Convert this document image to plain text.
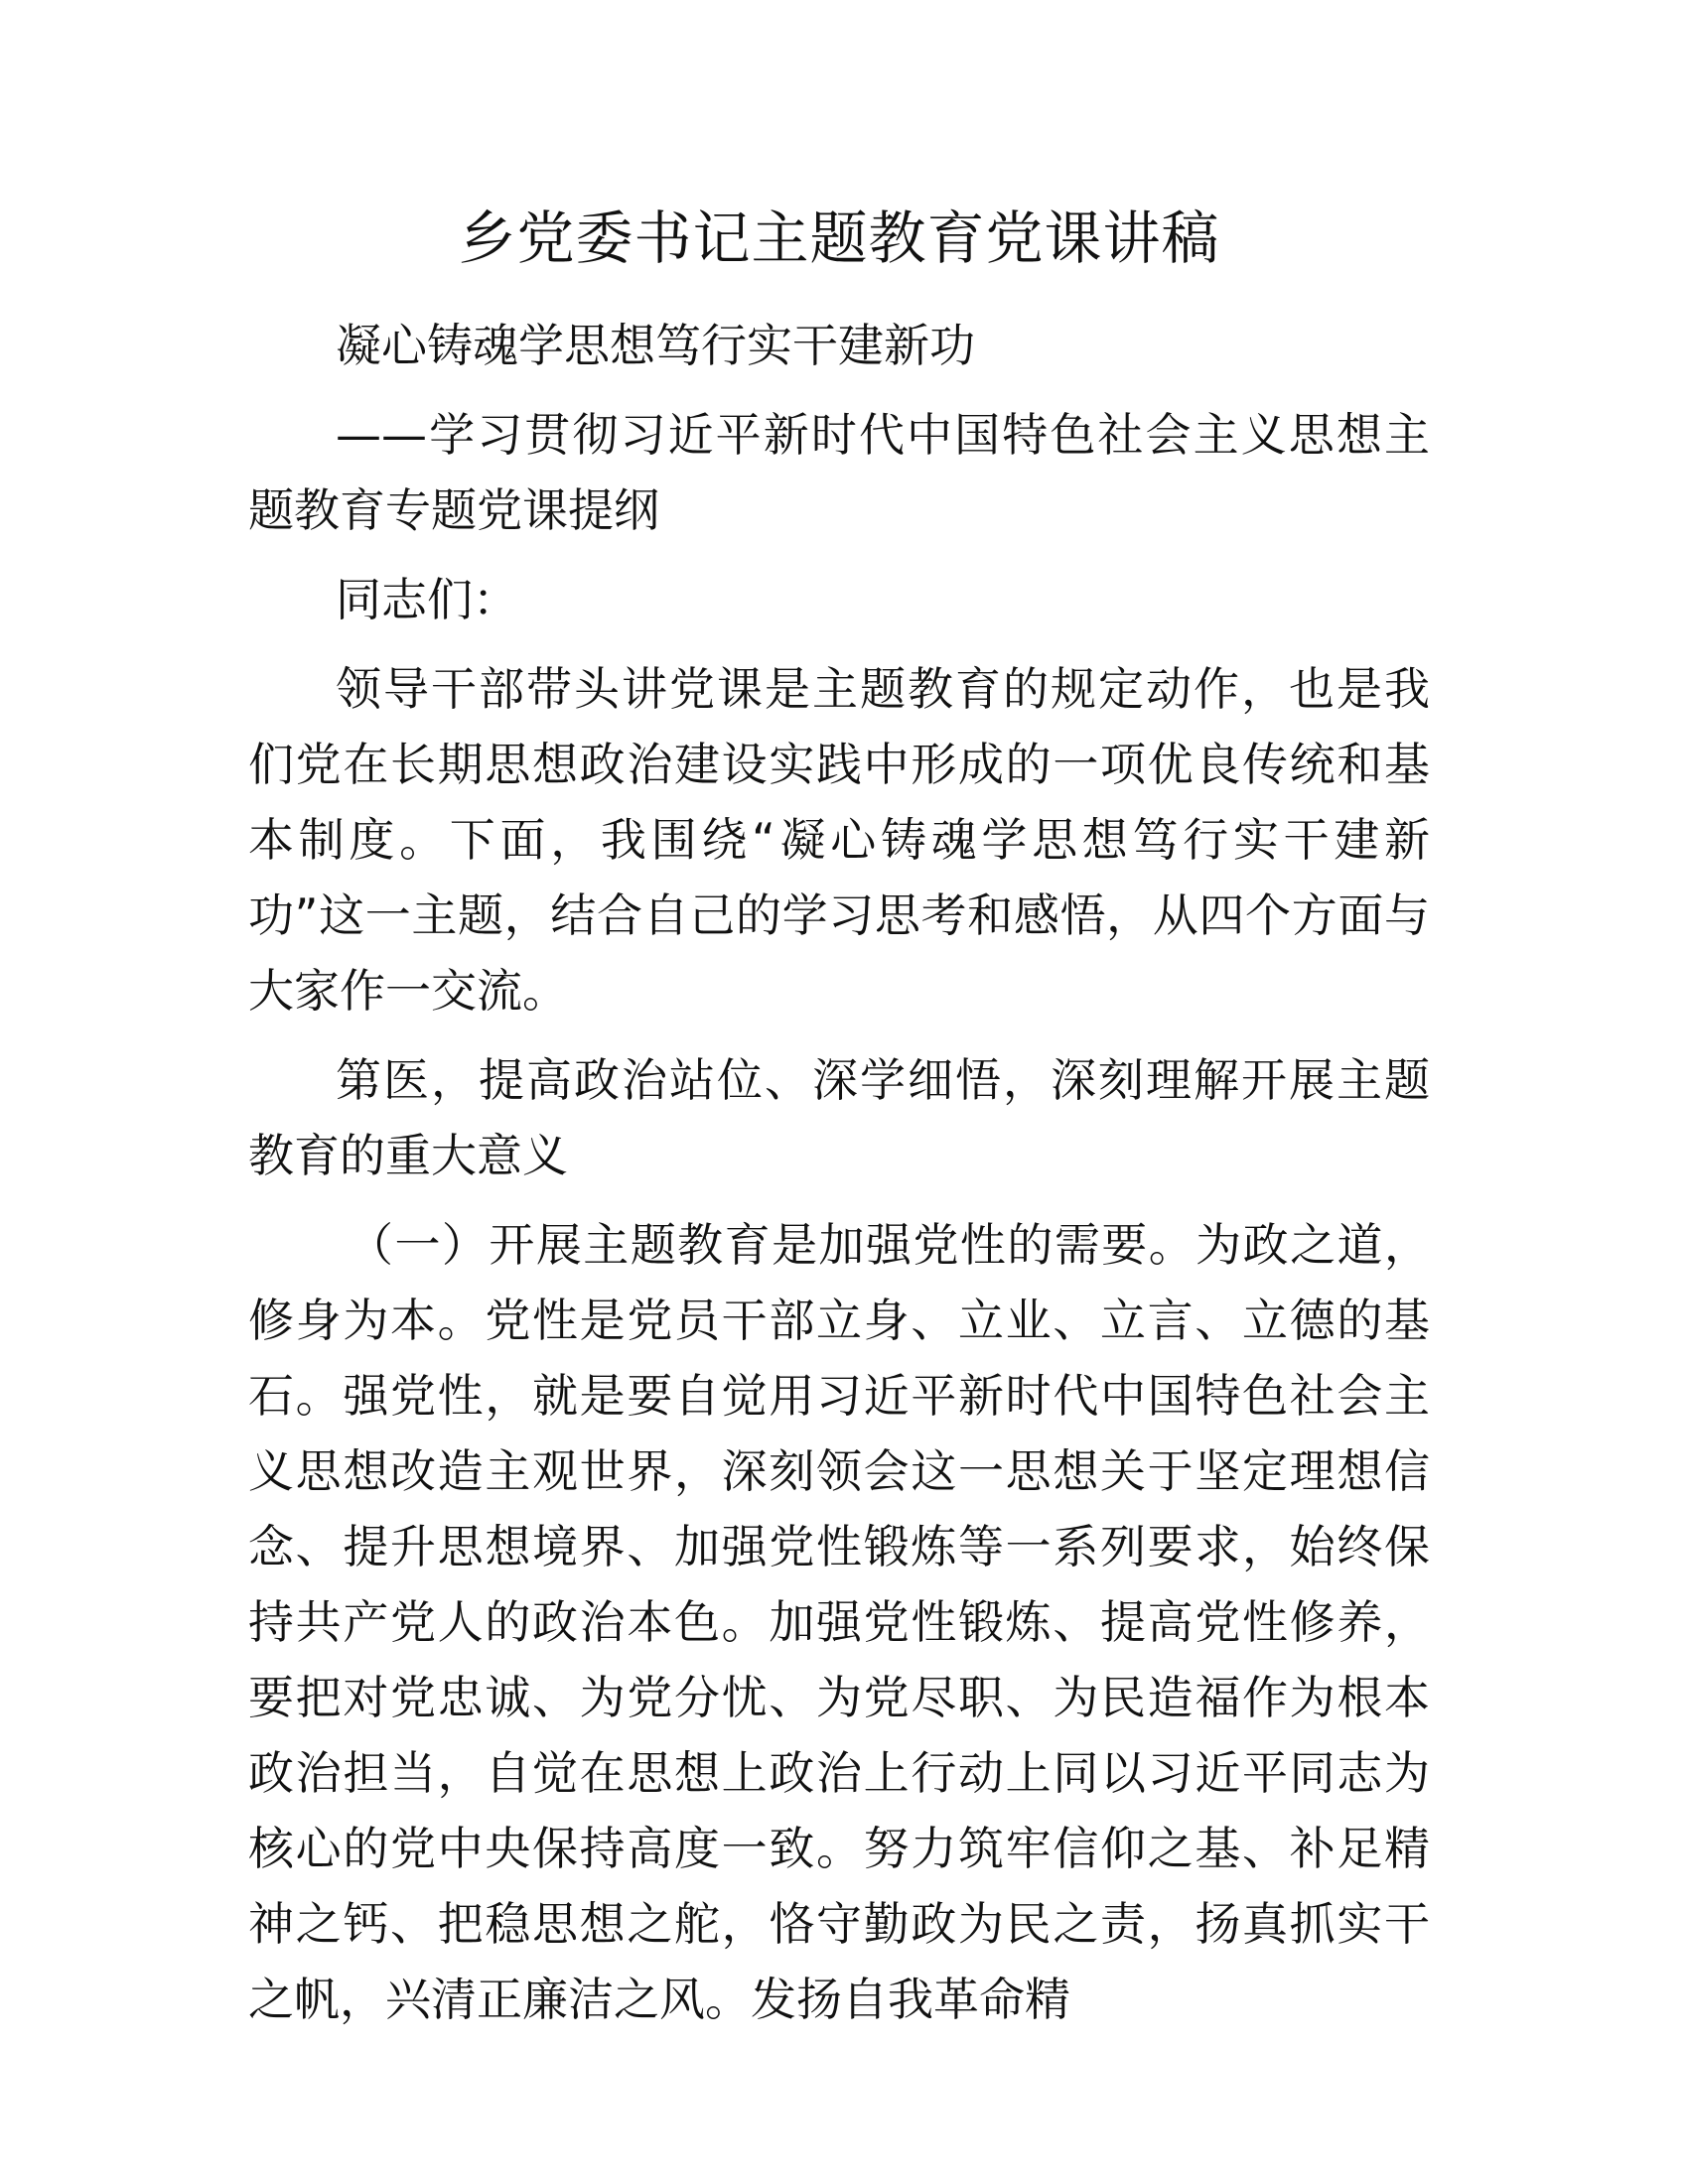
乡党委书记主题教育党课讲稿

凝心铸魂学思想笃行实干建新功

——学习贯彻习近平新时代中国特色社会主义思想主题教育专题党课提纲

同志们：

领导干部带头讲党课是主题教育的规定动作，也是我们党在长期思想政治建设实践中形成的一项优良传统和基本制度。下面，我围绕“凝心铸魂学思想笃行实干建新功”这一主题，结合自己的学习思考和感悟，从四个方面与大家作一交流。

第医，提高政治站位、深学细悟，深刻理解开展主题教育的重大意义

（一）开展主题教育是加强党性的需要。为政之道，修身为本。党性是党员干部立身、立业、立言、立德的基石。强党性，就是要自觉用习近平新时代中国特色社会主义思想改造主观世界，深刻领会这一思想关于坚定理想信念、提升思想境界、加强党性锻炼等一系列要求，始终保持共产党人的政治本色。加强党性锻炼、提高党性修养，要把对党忠诚、为党分忧、为党尽职、为民造福作为根本政治担当，自觉在思想上政治上行动上同以习近平同志为核心的党中央保持高度一致。努力筑牢信仰之基、补足精神之钙、把稳思想之舵，恪守勤政为民之责，扬真抓实干之帆，兴清正廉洁之风。发扬自我革命精
